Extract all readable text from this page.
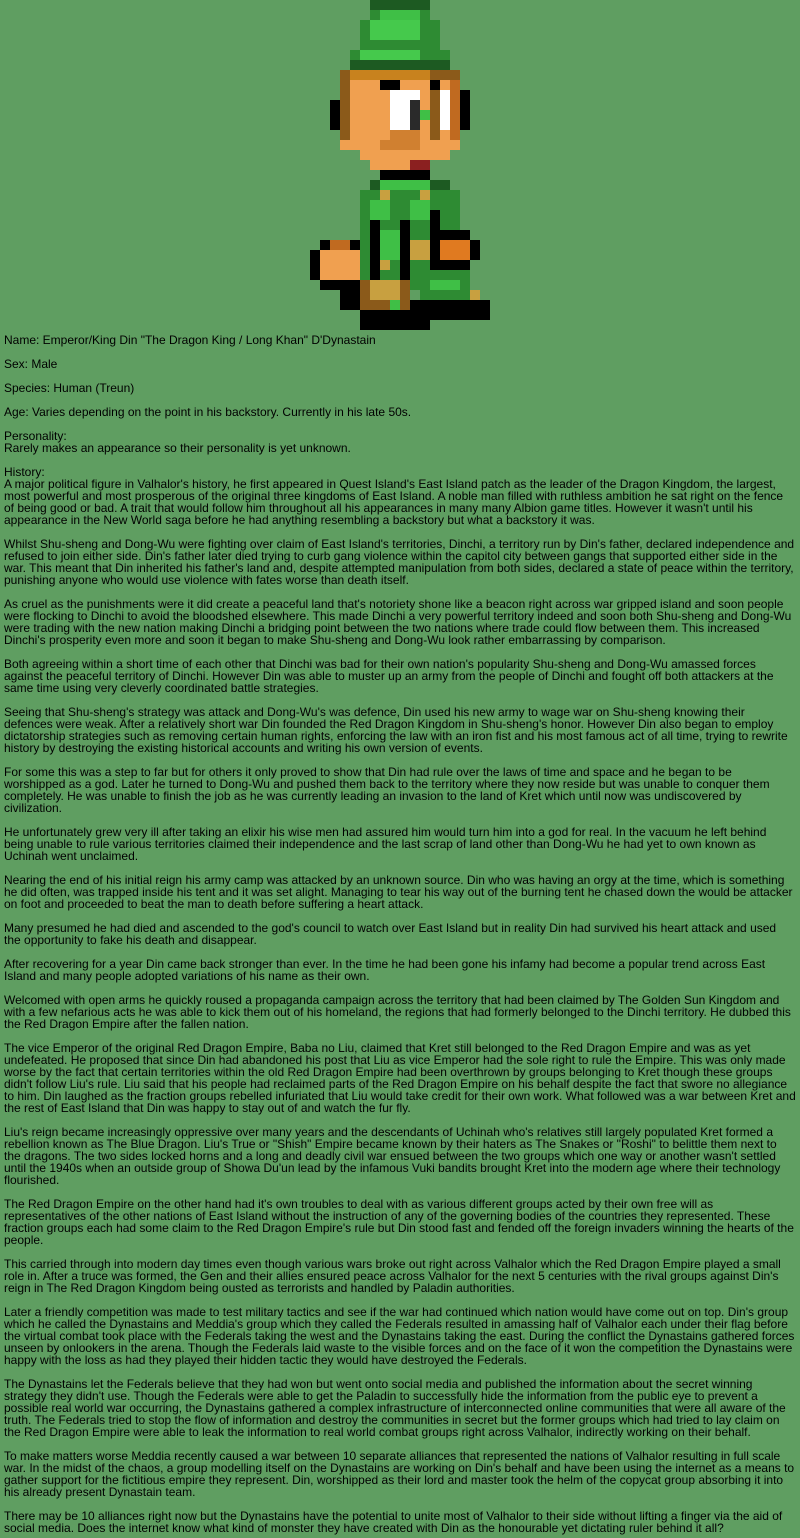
Name: Emperor/King Din "The Dragon King / Long Khan" D'Dynastain

Sex: Male

Species: Human (Treun)

Age: Varies depending on the point in his backstory. Currently in his late 50s.

Personality:

Rarely makes an appearance so their personality is yet unknown.

History:

A major political figure in Valhalor's history, he first appeared in Quest Island's East Island patch as the leader of the Dragon Kingdom, the largest, most powerful and most prosperous of the original three kingdoms of East Island. A noble man filled with ruthless ambition he sat right on the fence of being good or bad. A trait that would follow him throughout all his appearances in many many Albion game titles. However it wasn't until his appearance in the New World saga before he had anything resembling a backstory but what a backstory it was.

Whilst Shu-sheng and Dong-Wu were fighting over claim of East Island's territories, Dinchi, a territory run by Din's father, declared independence and refused to join either side. Din's father later died trying to curb gang violence within the capitol city between gangs that supported either side in the war. This meant that Din inherited his father's land and, despite attempted manipulation from both sides, declared a state of peace within the territory, punishing anyone who would use violence with fates worse than death itself.

As cruel as the punishments were it did create a peaceful land that's notoriety shone like a beacon right across war gripped island and soon people were flocking to Dinchi to avoid the bloodshed elsewhere. This made Dinchi a very powerful territory indeed and soon both Shu-sheng and Dong-Wu were trading with the new nation making Dinchi a bridging point between the two nations where trade could flow between them. This increased Dinchi's prosperity even more and soon it began to make Shu-sheng and Dong-Wu look rather embarrassing by comparison.

Both agreeing within a short time of each other that Dinchi was bad for their own nation's popularity Shu-sheng and Dong-Wu amassed forces against the peaceful territory of Dinchi. However Din was able to muster up an army from the people of Dinchi and fought off both attackers at the same time using very cleverly coordinated battle strategies.

Seeing that Shu-sheng's strategy was attack and Dong-Wu's was defence, Din used his new army to wage war on Shu-sheng knowing their defences were weak. After a relatively short war Din founded the Red Dragon Kingdom in Shu-sheng's honor. However Din also began to employ dictatorship strategies such as removing certain human rights, enforcing the law with an iron fist and his most famous act of all time, trying to rewrite history by destroying the existing historical accounts and writing his own version of events.

For some this was a step to far but for others it only proved to show that Din had rule over the laws of time and space and he began to be worshipped as a god. Later he turned to Dong-Wu and pushed them back to the territory where they now reside but was unable to conquer them completely. He was unable to finish the job as he was currently leading an invasion to the land of Kret which until now was undiscovered by civilization.

He unfortunately grew very ill after taking an elixir his wise men had assured him would turn him into a god for real. In the vacuum he left behind being unable to rule various territories claimed their independence and the last scrap of land other than Dong-Wu he had yet to own known as Uchinah went unclaimed.

Nearing the end of his initial reign his army camp was attacked by an unknown source. Din who was having an orgy at the time, which is something he did often, was trapped inside his tent and it was set alight. Managing to tear his way out of the burning tent he chased down the would be attacker on foot and proceeded to beat the man to death before suffering a heart attack.

Many presumed he had died and ascended to the god's council to watch over East Island but in reality Din had survived his heart attack and used the opportunity to fake his death and disappear.

After recovering for a year Din came back stronger than ever. In the time he had been gone his infamy had become a popular trend across East Island and many people adopted variations of his name as their own.

Welcomed with open arms he quickly roused a propaganda campaign across the territory that had been claimed by The Golden Sun Kingdom and with a few nefarious acts he was able to kick them out of his homeland, the regions that had formerly belonged to the Dinchi territory. He dubbed this the Red Dragon Empire after the fallen nation.

The vice Emperor of the original Red Dragon Empire, Baba no Liu, claimed that Kret still belonged to the Red Dragon Empire and was as yet undefeated. He proposed that since Din had abandoned his post that Liu as vice Emperor had the sole right to rule the Empire. This was only made worse by the fact that certain territories within the old Red Dragon Empire had been overthrown by groups belonging to Kret though these groups didn't follow Liu's rule. Liu said that his people had reclaimed parts of the Red Dragon Empire on his behalf despite the fact that swore no allegiance to him. Din laughed as the fraction groups rebelled infuriated that Liu would take credit for their own work. What followed was a war between Kret and the rest of East Island that Din was happy to stay out of and watch the fur fly.

Liu's reign became increasingly oppressive over many years and the descendants of Uchinah who's relatives still largely populated Kret formed a rebellion known as The Blue Dragon. Liu's True or "Shish" Empire became known by their haters as The Snakes or "Roshi" to belittle them next to the dragons. The two sides locked horns and a long and deadly civil war ensued between the two groups which one way or another wasn't settled until the 1940s when an outside group of Showa Du'un lead by the infamous Vuki bandits brought Kret into the modern age where their technology flourished.

The Red Dragon Empire on the other hand had it's own troubles to deal with as various different groups acted by their own free will as representatives of the other nations of East Island without the instruction of any of the governing bodies of the countries they represented. These fraction groups each had some claim to the Red Dragon Empire's rule but Din stood fast and fended off the foreign invaders winning the hearts of the people.

This carried through into modern day times even though various wars broke out right across Valhalor which the Red Dragon Empire played a small role in. After a truce was formed, the Gen and their allies ensured peace across Valhalor for the next 5 centuries with the rival groups against Din's reign in The Red Dragon Kingdom being ousted as terrorists and handled by Paladin authorities.

Later a friendly competition was made to test military tactics and see if the war had continued which nation would have come out on top. Din's group which he called the Dynastains and Meddia's group which they called the Federals resulted in amassing half of Valhalor each under their flag before the virtual combat took place with the Federals taking the west and the Dynastains taking the east. During the conflict the Dynastains gathered forces unseen by onlookers in the arena. Though the Federals laid waste to the visible forces and on the face of it won the competition the Dynastains were happy with the loss as had they played their hidden tactic they would have destroyed the Federals.

The Dynastains let the Federals believe that they had won but went onto social media and published the information about the secret winning strategy they didn't use. Though the Federals were able to get the Paladin to successfully hide the information from the public eye to prevent a possible real world war occurring, the Dynastains gathered a complex infrastructure of interconnected online communities that were all aware of the truth. The Federals tried to stop the flow of information and destroy the communities in secret but the former groups which had tried to lay claim on the Red Dragon Empire were able to leak the information to real world combat groups right across Valhalor, indirectly working on their behalf.

To make matters worse Meddia recently caused a war between 10 separate alliances that represented the nations of Valhalor resulting in full scale war. In the midst of the chaos, a group modelling itself on the Dynastains are working on Din's behalf and have been using the internet as a means to gather support for the fictitious empire they represent. Din, worshipped as their lord and master took the helm of the copycat group absorbing it into his already present Dynastain team.

There may be 10 alliances right now but the Dynastains have the potential to unite most of Valhalor to their side without lifting a finger via the aid of social media. Does the internet know what kind of monster they have created with Din as the honourable yet dictating ruler behind it all?
